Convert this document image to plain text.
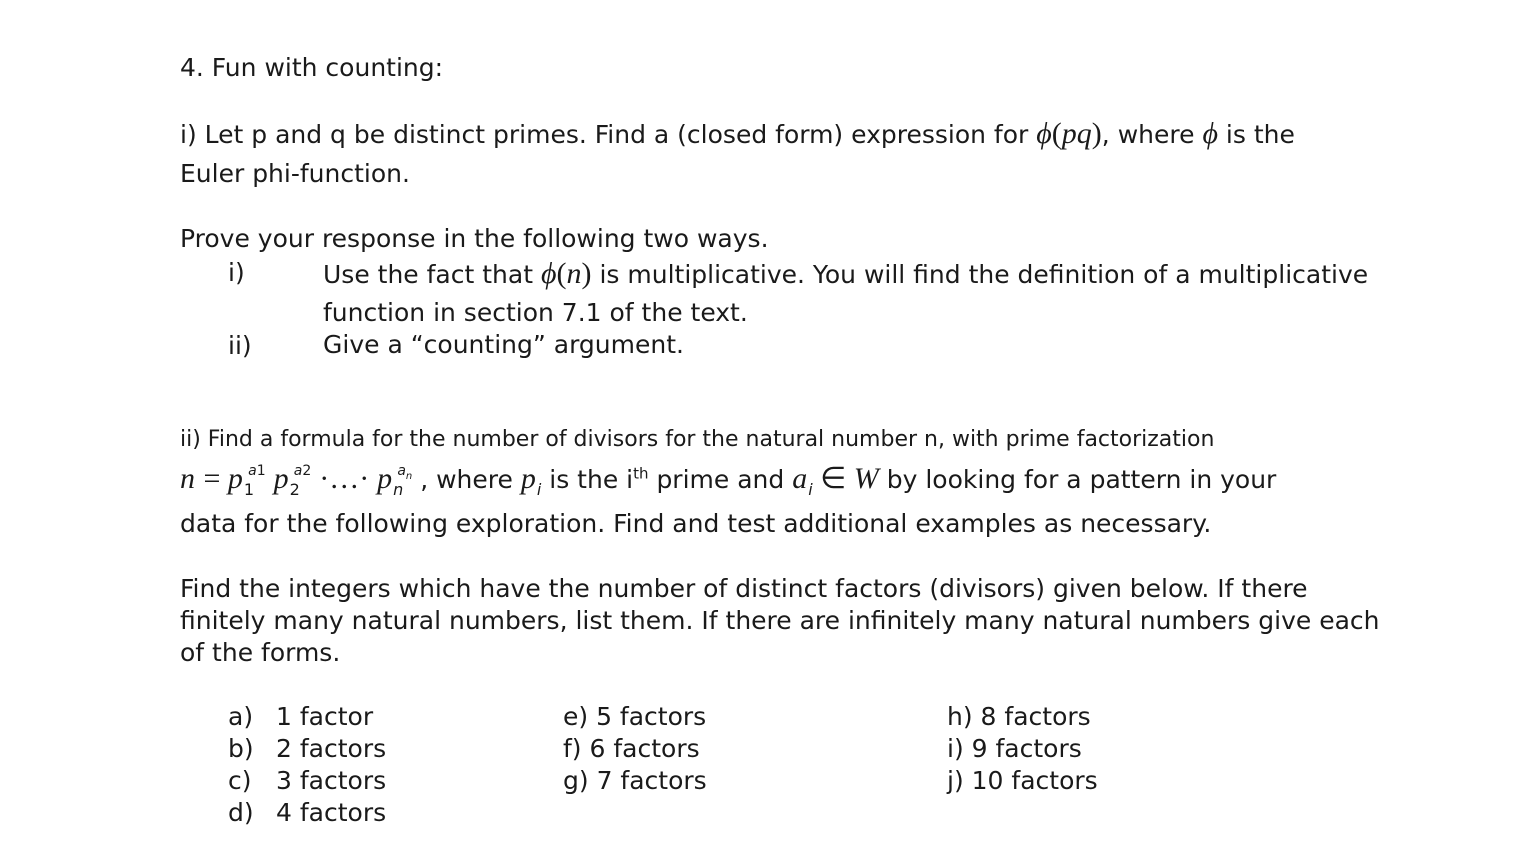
4. Fun with counting:
i) Let p and q be distinct primes. Find a (closed form) expression for ϕ(pq), where ϕ is the
Euler phi-function.
Prove your response in the following two ways.
i)	Use the fact that ϕ(n) is multiplicative. You will find the definition of a multiplicative
function in section 7.1 of the text.
ii)	Give a “counting” argument.
ii) Find a formula for the number of divisors for the natural number n, with prime factorization
$n = p_1^{a1}$ $p_2^{a2}$ ·…· $p_n^{a_n}$ , where $p_i$ is the $i^{th}$ prime and $a_i$ ∈ W by looking for a pattern in your
data for the following exploration. Find and test additional examples as necessary.
Find the integers which have the number of distinct factors (divisors) given below. If there
finitely many natural numbers, list them. If there are infinitely many natural numbers give each
of the forms.
a) 1 factor
b) 2 factors
c) 3 factors
d) 4 factors
e) 5 factors
f) 6 factors
g) 7 factors
h) 8 factors
i) 9 factors
j) 10 factors
